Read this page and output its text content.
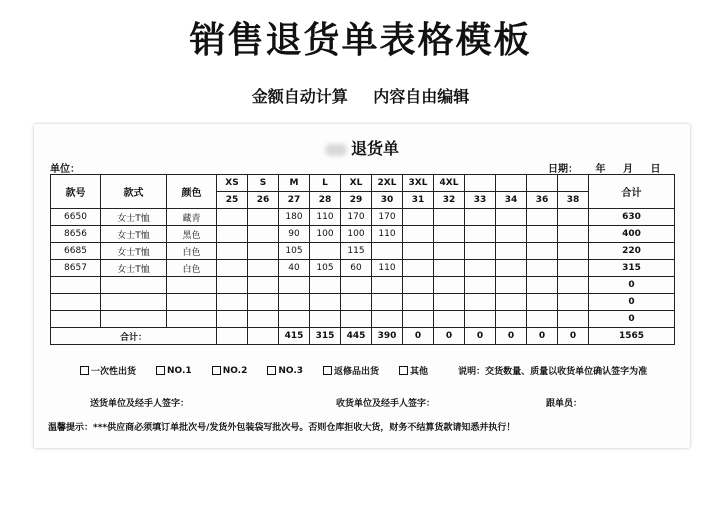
销售退货单表格模板
金额自动计算 内容自由编辑
退货单
单位：	日期： 年 月 日
款号	款式	颜色	XS	S	M	L	XL	2XL	3XL	4XL					合计
			25	26	27	28	29	30	31	32	33	34	36	38	
6650	女士T恤	藏青			180	110	170	170							630
8656	女士T恤	黑色			90	100	100	110							400
6685	女士T恤	白色			105		115								220
8657	女士T恤	白色			40	105	60	110							315
															0
															0
															0
合计：					415	315	445	390	0	0	0	0	0	0	1565
一次性出货	NO.1	NO.2	NO.3	返修品出货	其他	说明：交货数量、质量以收货单位确认签字为准
送货单位及经手人签字：	收货单位及经手人签字：	跟单员：
温馨提示：***供应商必须填订单批次号/发货外包装袋写批次号。否则仓库拒收大货，财务不结算货款请知悉并执行！
